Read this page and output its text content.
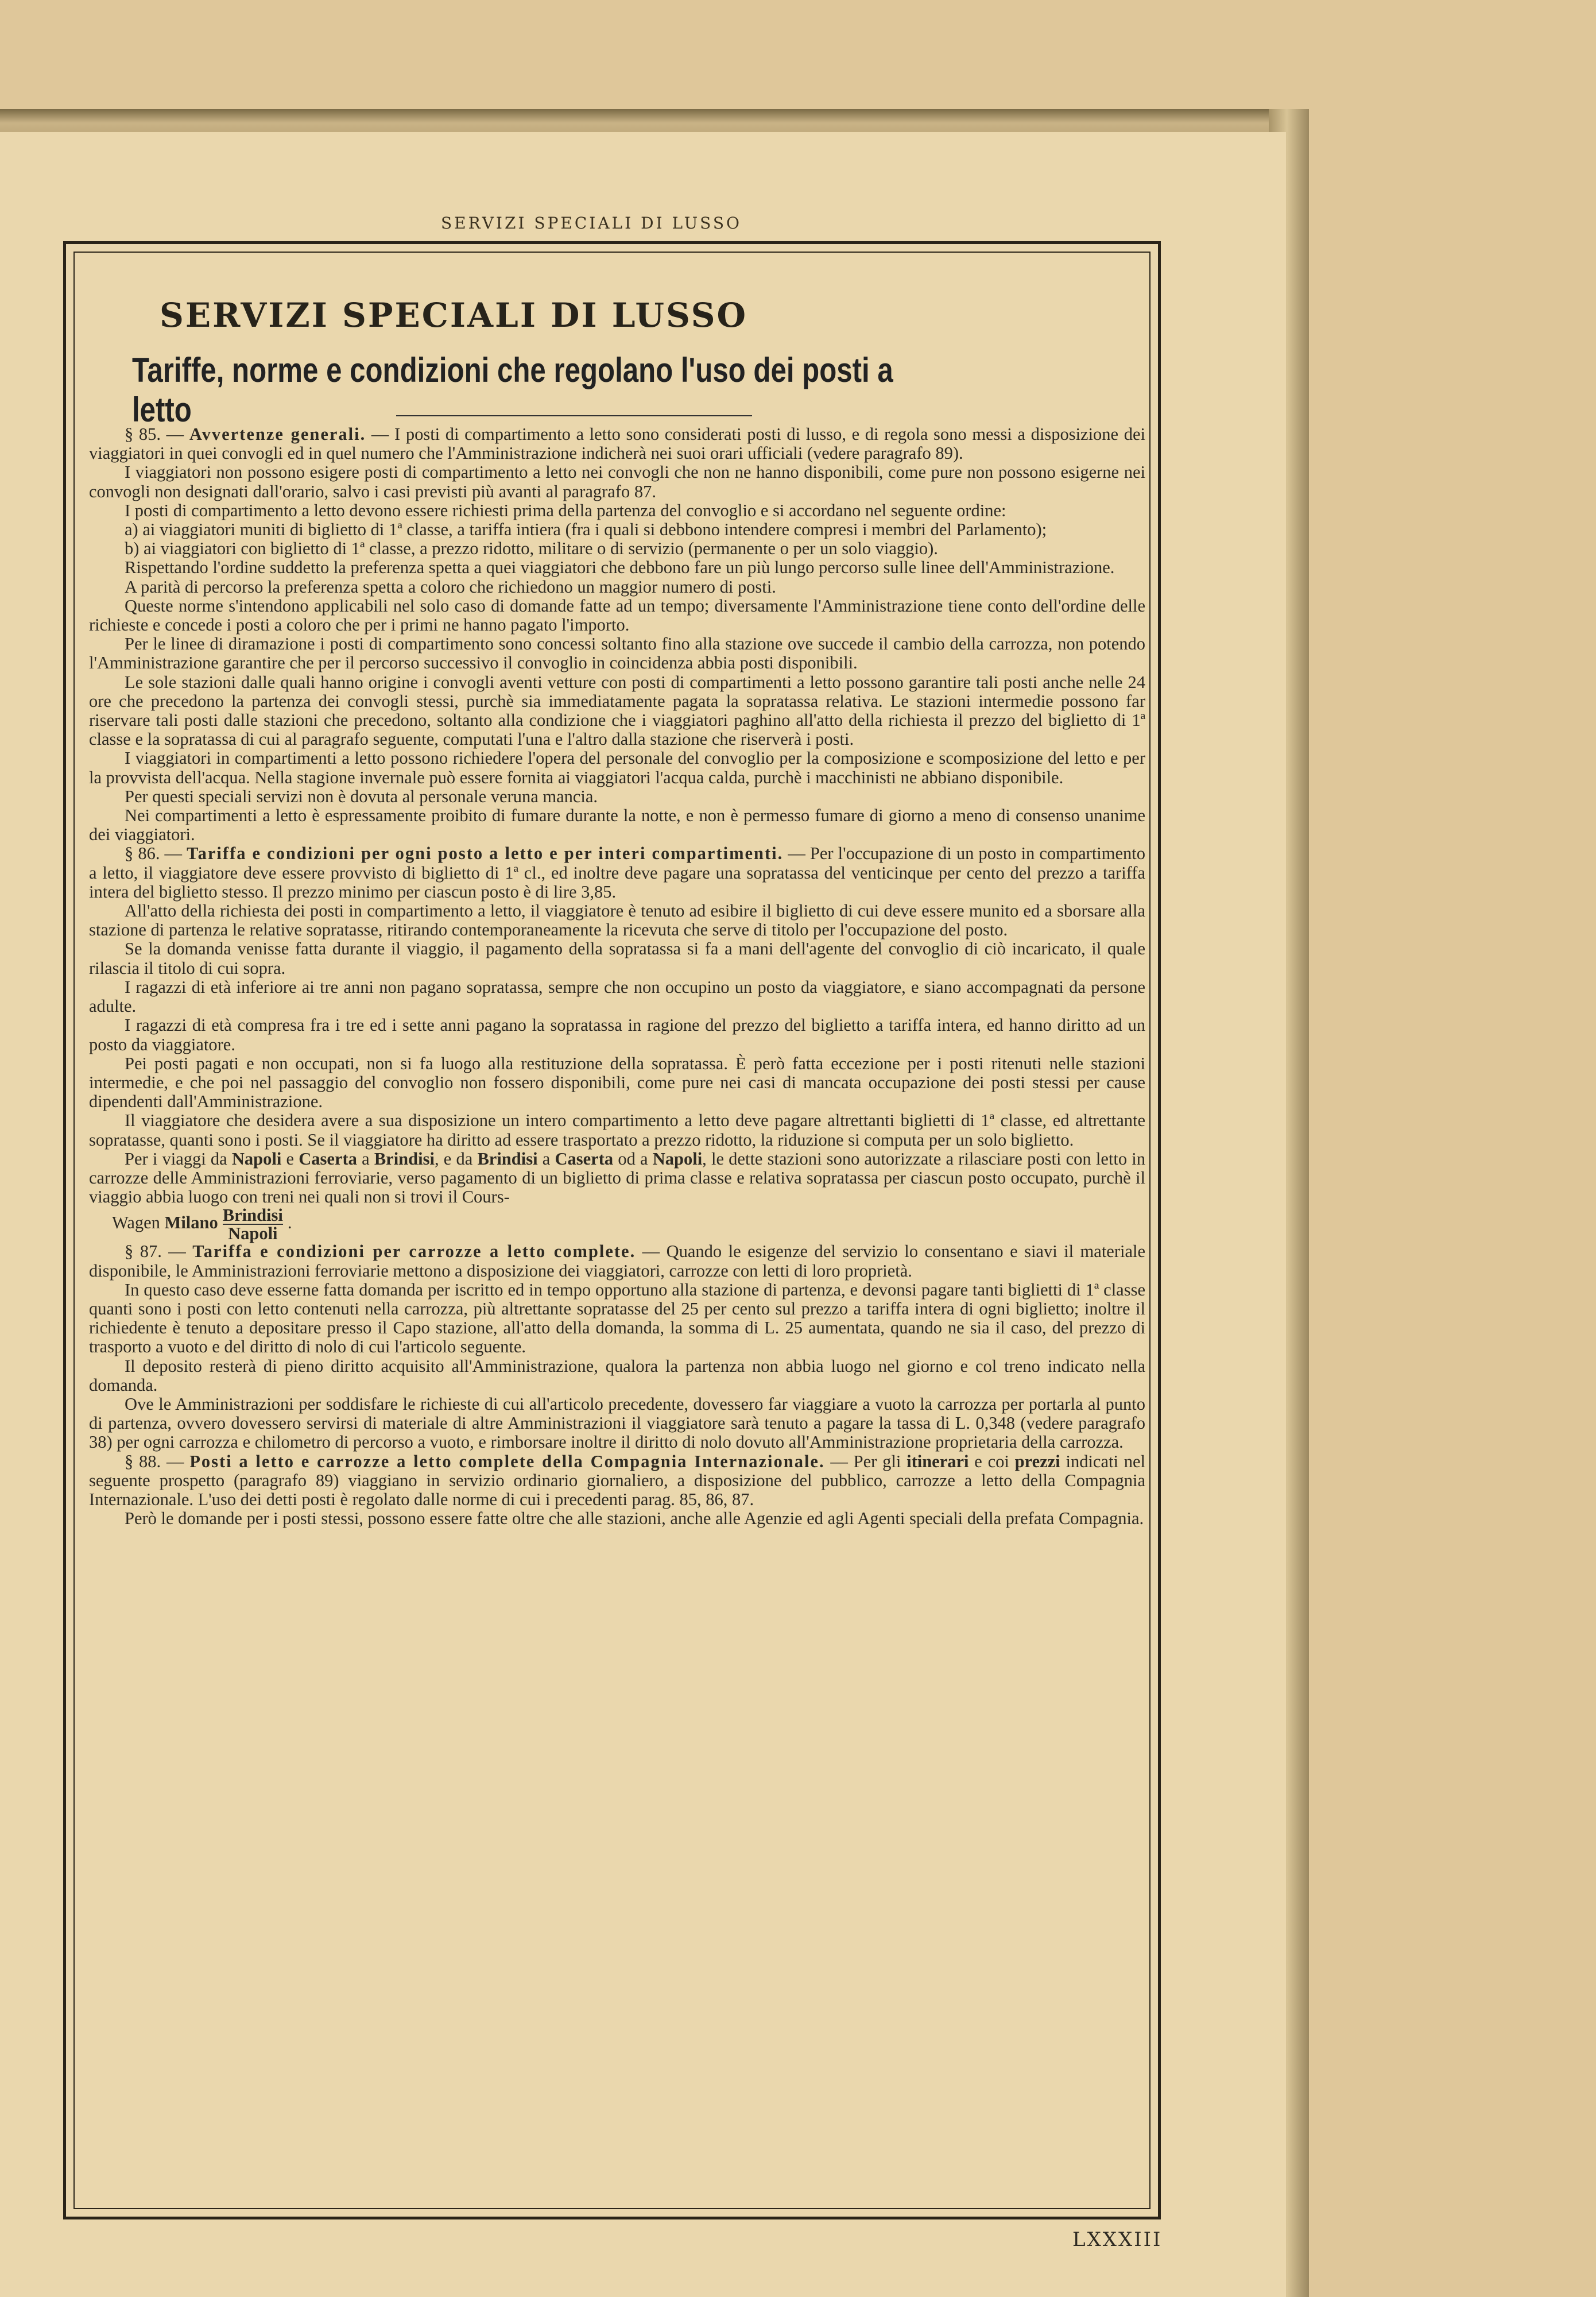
SERVIZI SPECIALI DI LUSSO
SERVIZI SPECIALI DI LUSSO
Tariffe, norme e condizioni che regolano l'uso dei posti a letto

§ 85. — Avvertenze generali. — I posti di compartimento a letto sono considerati posti di lusso, e di regola sono messi a disposizione dei viaggiatori in quei convogli ed in quel numero che l'Amministrazione indicherà nei suoi orari ufficiali (vedere paragrafo 89).

I viaggiatori non possono esigere posti di compartimento a letto nei convogli che non ne hanno disponibili, come pure non possono esigerne nei convogli non designati dall'orario, salvo i casi previsti più avanti al paragrafo 87.

I posti di compartimento a letto devono essere richiesti prima della partenza del convoglio e si accordano nel seguente ordine:

a) ai viaggiatori muniti di biglietto di 1ª classe, a tariffa intiera (fra i quali si debbono intendere compresi i membri del Parlamento);

b) ai viaggiatori con biglietto di 1ª classe, a prezzo ridotto, militare o di servizio (permanente o per un solo viaggio).

Rispettando l'ordine suddetto la preferenza spetta a quei viaggiatori che debbono fare un più lungo percorso sulle linee dell'Amministrazione.

A parità di percorso la preferenza spetta a coloro che richiedono un maggior numero di posti.

Queste norme s'intendono applicabili nel solo caso di domande fatte ad un tempo; diversamente l'Amministrazione tiene conto dell'ordine delle richieste e concede i posti a coloro che per i primi ne hanno pagato l'importo.

Per le linee di diramazione i posti di compartimento sono concessi soltanto fino alla stazione ove succede il cambio della carrozza, non potendo l'Amministrazione garantire che per il percorso successivo il convoglio in coincidenza abbia posti disponibili.

Le sole stazioni dalle quali hanno origine i convogli aventi vetture con posti di compartimenti a letto possono garantire tali posti anche nelle 24 ore che precedono la partenza dei convogli stessi, purchè sia immediatamente pagata la sopratassa relativa. Le stazioni intermedie possono far riservare tali posti dalle stazioni che precedono, soltanto alla condizione che i viaggiatori paghino all'atto della richiesta il prezzo del biglietto di 1ª classe e la sopratassa di cui al paragrafo seguente, computati l'una e l'altro dalla stazione che riserverà i posti.

I viaggiatori in compartimenti a letto possono richiedere l'opera del personale del convoglio per la composizione e scomposizione del letto e per la provvista dell'acqua. Nella stagione invernale può essere fornita ai viaggiatori l'acqua calda, purchè i macchinisti ne abbiano disponibile.

Per questi speciali servizi non è dovuta al personale veruna mancia.

Nei compartimenti a letto è espressamente proibito di fumare durante la notte, e non è permesso fumare di giorno a meno di consenso unanime dei viaggiatori.

§ 86. — Tariffa e condizioni per ogni posto a letto e per interi compartimenti. — Per l'occupazione di un posto in compartimento a letto, il viaggiatore deve essere provvisto di biglietto di 1ª cl., ed inoltre deve pagare una sopratassa del venticinque per cento del prezzo a tariffa intera del biglietto stesso. Il prezzo minimo per ciascun posto è di lire 3,85.

All'atto della richiesta dei posti in compartimento a letto, il viaggiatore è tenuto ad esibire il biglietto di cui deve essere munito ed a sborsare alla stazione di partenza le relative sopratasse, ritirando contemporaneamente la ricevuta che serve di titolo per l'occupazione del posto.

Se la domanda venisse fatta durante il viaggio, il pagamento della sopratassa si fa a mani dell'agente del convoglio di ciò incaricato, il quale rilascia il titolo di cui sopra.

I ragazzi di età inferiore ai tre anni non pagano sopratassa, sempre che non occupino un posto da viaggiatore, e siano accompagnati da persone adulte.

I ragazzi di età compresa fra i tre ed i sette anni pagano la sopratassa in ragione del prezzo del biglietto a tariffa intera, ed hanno diritto ad un posto da viaggiatore.

Pei posti pagati e non occupati, non si fa luogo alla restituzione della sopratassa. È però fatta eccezione per i posti ritenuti nelle stazioni intermedie, e che poi nel passaggio del convoglio non fossero disponibili, come pure nei casi di mancata occupazione dei posti stessi per cause dipendenti dall'Amministrazione.

Il viaggiatore che desidera avere a sua disposizione un intero compartimento a letto deve pagare altrettanti biglietti di 1ª classe, ed altrettante sopratasse, quanti sono i posti. Se il viaggiatore ha diritto ad essere trasportato a prezzo ridotto, la riduzione si computa per un solo biglietto.

Per i viaggi da Napoli e Caserta a Brindisi, e da Brindisi a Caserta od a Napoli, le dette stazioni sono autorizzate a rilasciare posti con letto in carrozze delle Amministrazioni ferroviarie, verso pagamento di un biglietto di prima classe e relativa sopratassa per ciascun posto occupato, purchè il viaggio abbia luogo con treni nei quali non si trovi il Cours-

Wagen Milano Brindisi
Napoli
.

§ 87. — Tariffa e condizioni per carrozze a letto complete. — Quando le esigenze del servizio lo consentano e siavi il materiale disponibile, le Amministrazioni ferroviarie mettono a disposizione dei viaggiatori, carrozze con letti di loro proprietà.

In questo caso deve esserne fatta domanda per iscritto ed in tempo opportuno alla stazione di partenza, e devonsi pagare tanti biglietti di 1ª classe quanti sono i posti con letto contenuti nella carrozza, più altrettante sopratasse del 25 per cento sul prezzo a tariffa intera di ogni biglietto; inoltre il richiedente è tenuto a depositare presso il Capo stazione, all'atto della domanda, la somma di L. 25 aumentata, quando ne sia il caso, del prezzo di trasporto a vuoto e del diritto di nolo di cui l'articolo seguente.

Il deposito resterà di pieno diritto acquisito all'Amministrazione, qualora la partenza non abbia luogo nel giorno e col treno indicato nella domanda.

Ove le Amministrazioni per soddisfare le richieste di cui all'articolo precedente, dovessero far viaggiare a vuoto la carrozza per portarla al punto di partenza, ovvero dovessero servirsi di materiale di altre Amministrazioni il viaggiatore sarà tenuto a pagare la tassa di L. 0,348 (vedere paragrafo 38) per ogni carrozza e chilometro di percorso a vuoto, e rimborsare inoltre il diritto di nolo dovuto all'Amministrazione proprietaria della carrozza.

§ 88. — Posti a letto e carrozze a letto complete della Compagnia Internazionale. — Per gli itinerari e coi prezzi indicati nel seguente prospetto (paragrafo 89) viaggiano in servizio ordinario giornaliero, a disposizione del pubblico, carrozze a letto della Compagnia Internazionale. L'uso dei detti posti è regolato dalle norme di cui i precedenti parag. 85, 86, 87.

Però le domande per i posti stessi, possono essere fatte oltre che alle stazioni, anche alle Agenzie ed agli Agenti speciali della prefata Compagnia.

LXXXIII
